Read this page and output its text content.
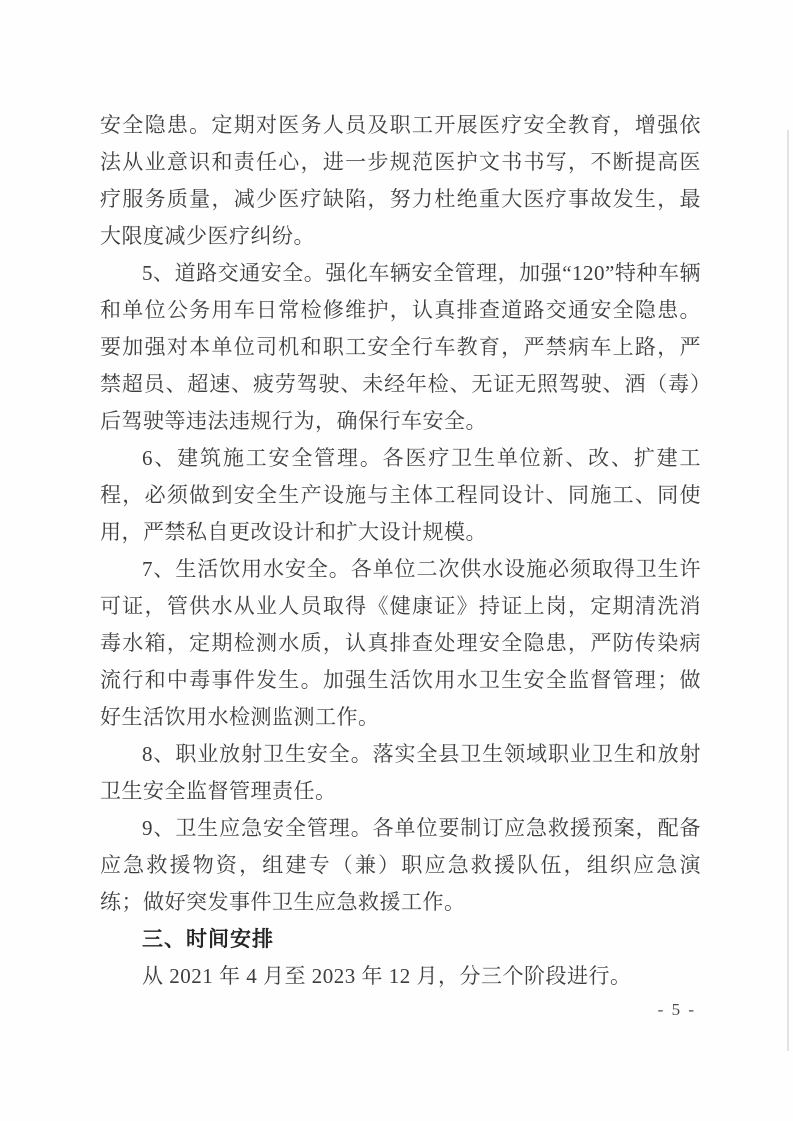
安全隐患。定期对医务人员及职工开展医疗安全教育，增强依法从业意识和责任心，进一步规范医护文书书写，不断提高医疗服务质量，减少医疗缺陷，努力杜绝重大医疗事故发生，最大限度减少医疗纠纷。

5、道路交通安全。强化车辆安全管理，加强“120”特种车辆和单位公务用车日常检修维护，认真排查道路交通安全隐患。要加强对本单位司机和职工安全行车教育，严禁病车上路，严禁超员、超速、疲劳驾驶、未经年检、无证无照驾驶、酒（毒）后驾驶等违法违规行为，确保行车安全。

6、建筑施工安全管理。各医疗卫生单位新、改、扩建工程，必须做到安全生产设施与主体工程同设计、同施工、同使用，严禁私自更改设计和扩大设计规模。

7、生活饮用水安全。各单位二次供水设施必须取得卫生许可证，管供水从业人员取得《健康证》持证上岗，定期清洗消毒水箱，定期检测水质，认真排查处理安全隐患，严防传染病流行和中毒事件发生。加强生活饮用水卫生安全监督管理；做好生活饮用水检测监测工作。

8、职业放射卫生安全。落实全县卫生领域职业卫生和放射卫生安全监督管理责任。

9、卫生应急安全管理。各单位要制订应急救援预案，配备应急救援物资，组建专（兼）职应急救援队伍，组织应急演练；做好突发事件卫生应急救援工作。

三、时间安排

从 2021 年 4 月至 2023 年 12 月，分三个阶段进行。

- 5 -
